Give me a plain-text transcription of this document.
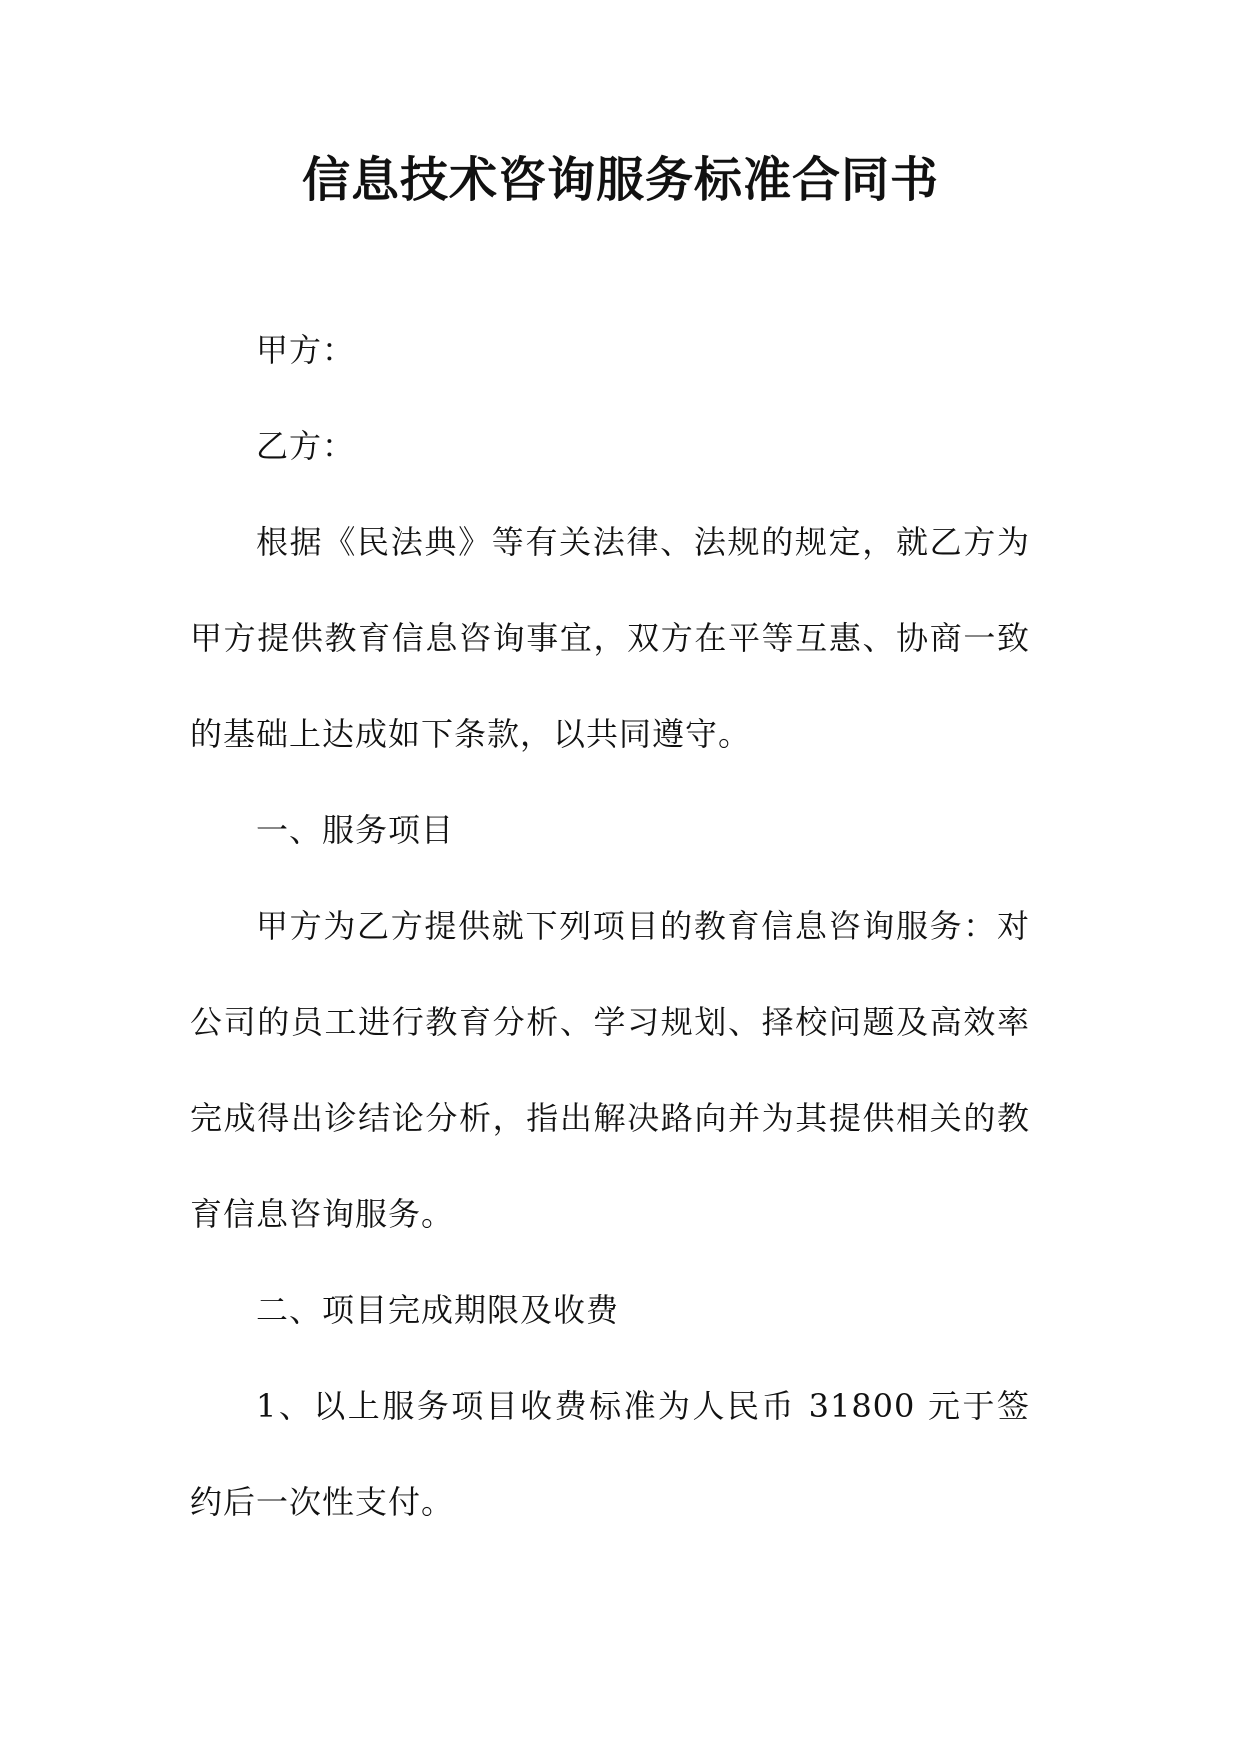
信息技术咨询服务标准合同书

甲方：

乙方：

根据《民法典》等有关法律、法规的规定，就乙方为甲方提供教育信息咨询事宜，双方在平等互惠、协商一致的基础上达成如下条款，以共同遵守。

一、服务项目

甲方为乙方提供就下列项目的教育信息咨询服务：对公司的员工进行教育分析、学习规划、择校问题及高效率完成得出诊结论分析，指出解决路向并为其提供相关的教育信息咨询服务。

二、项目完成期限及收费

1、以上服务项目收费标准为人民币 31800 元于签约后一次性支付。
